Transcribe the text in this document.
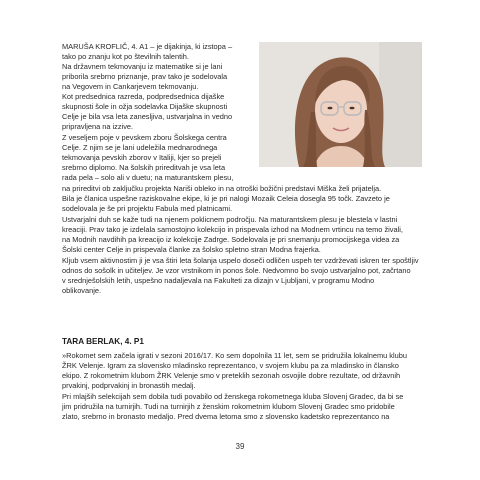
MARUŠA KROFLIČ, 4. A1 – je dijakinja, ki izstopa –

tako po znanju kot po številnih talentih.

Na državnem tekmovanju iz matematike si je lani

priborila srebrno priznanje, prav tako je sodelovala

na Vegovem in Cankarjevem tekmovanju.

Kot predsednica razreda, podpredsednica dijaške

skupnosti šole in ožja sodelavka Dijaške skupnosti

Celje je bila vsa leta zanesljiva, ustvarjalna in vedno

pripravljena na izzive.

Z veseljem poje v pevskem zboru Šolskega centra

Celje. Z njim se je lani udeležila mednarodnega

tekmovanja pevskih zborov v Italiji, kjer so prejeli

srebrno diplomo. Na šolskih prireditvah je vsa leta

rada pela – solo ali v duetu; na maturantskem plesu,

na prireditvi ob zaključku projekta Nariši obleko in na otroški božični predstavi Miška želi prijatelja.

Bila je članica uspešne raziskovalne ekipe, ki je pri nalogi Mozaik Celeia dosegla 95 točk. Zavzeto je

sodelovala je še pri projektu Fabula med platnicami.

Ustvarjalni duh se kaže tudi na njenem poklicnem področju. Na maturantskem plesu je blestela v lastni

kreaciji. Prav tako je izdelala samostojno kolekcijo in prispevala izhod na Modnem vrtincu na temo živali,

na Modnih navdihih pa kreacijo iz kolekcije Zadrge. Sodelovala je pri snemanju promocijskega videa za

Šolski center Celje in prispevala članke za šolsko spletno stran Modna frajerka.

Kljub vsem aktivnostim ji je vsa štiri leta šolanja uspelo doseči odličen uspeh ter vzdrževati iskren ter spoštljiv

odnos do sošolk in učiteljev. Je vzor vrstnikom in ponos šole. Nedvomno bo svojo ustvarjalno pot, začrtano

v srednješolskih letih, uspešno nadaljevala na Fakulteti za dizajn v Ljubljani, v programu Modno

oblikovanje.

TARA BERLAK, 4. P1

»Rokomet sem začela igrati v sezoni 2016/17. Ko sem dopolnila 11 let, sem se pridružila lokalnemu klubu

ŽRK Velenje. Igram za slovensko mladinsko reprezentanco, v svojem klubu pa za mladinsko in člansko

ekipo. Z rokometnim klubom ŽRK Velenje smo v preteklih sezonah osvojile dobre rezultate, od državnih

prvakinj, podprvakinj in bronastih medalj.

Pri mlajših selekcijah sem dobila tudi povabilo od ženskega rokometnega kluba Slovenj Gradec, da bi se

jim pridružila na turnirjih. Tudi na turnirjih z ženskim rokometnim klubom Slovenj Gradec smo pridobile

zlato, srebrno in bronasto medaljo. Pred dvema letoma smo z slovensko kadetsko reprezentanco na

39
